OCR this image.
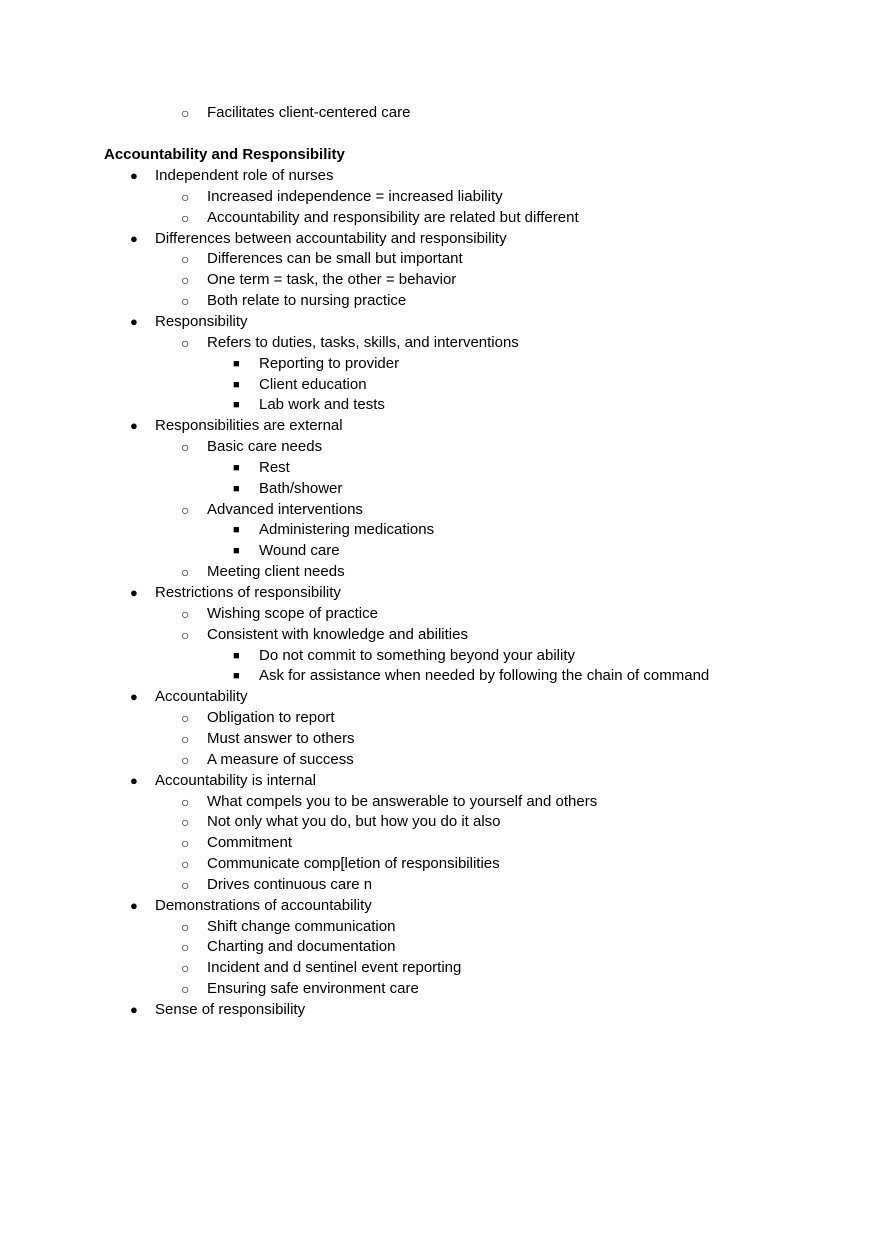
○ Facilitates client-centered care
Accountability and Responsibility
● Independent role of nurses
○ Increased independence = increased liability
○ Accountability and responsibility are related but different
● Differences between accountability and responsibility
○ Differences can be small but important
○ One term = task, the other = behavior
○ Both relate to nursing practice
● Responsibility
○ Refers to duties, tasks, skills, and interventions
■ Reporting to provider
■ Client education
■ Lab work and tests
● Responsibilities are external
○ Basic care needs
■ Rest
■ Bath/shower
○ Advanced interventions
■ Administering medications
■ Wound care
○ Meeting client needs
● Restrictions of responsibility
○ Wishing scope of practice
○ Consistent with knowledge and abilities
■ Do not commit to something beyond your ability
■ Ask for assistance when needed by following the chain of command
● Accountability
○ Obligation to report
○ Must answer to others
○ A measure of success
● Accountability is internal
○ What compels you to be answerable to yourself and others
○ Not only what you do, but how you do it also
○ Commitment
○ Communicate comp[letion of responsibilities
○ Drives continuous care n
● Demonstrations of accountability
○ Shift change communication
○ Charting and documentation
○ Incident and d sentinel event reporting
○ Ensuring safe environment care
● Sense of responsibility
